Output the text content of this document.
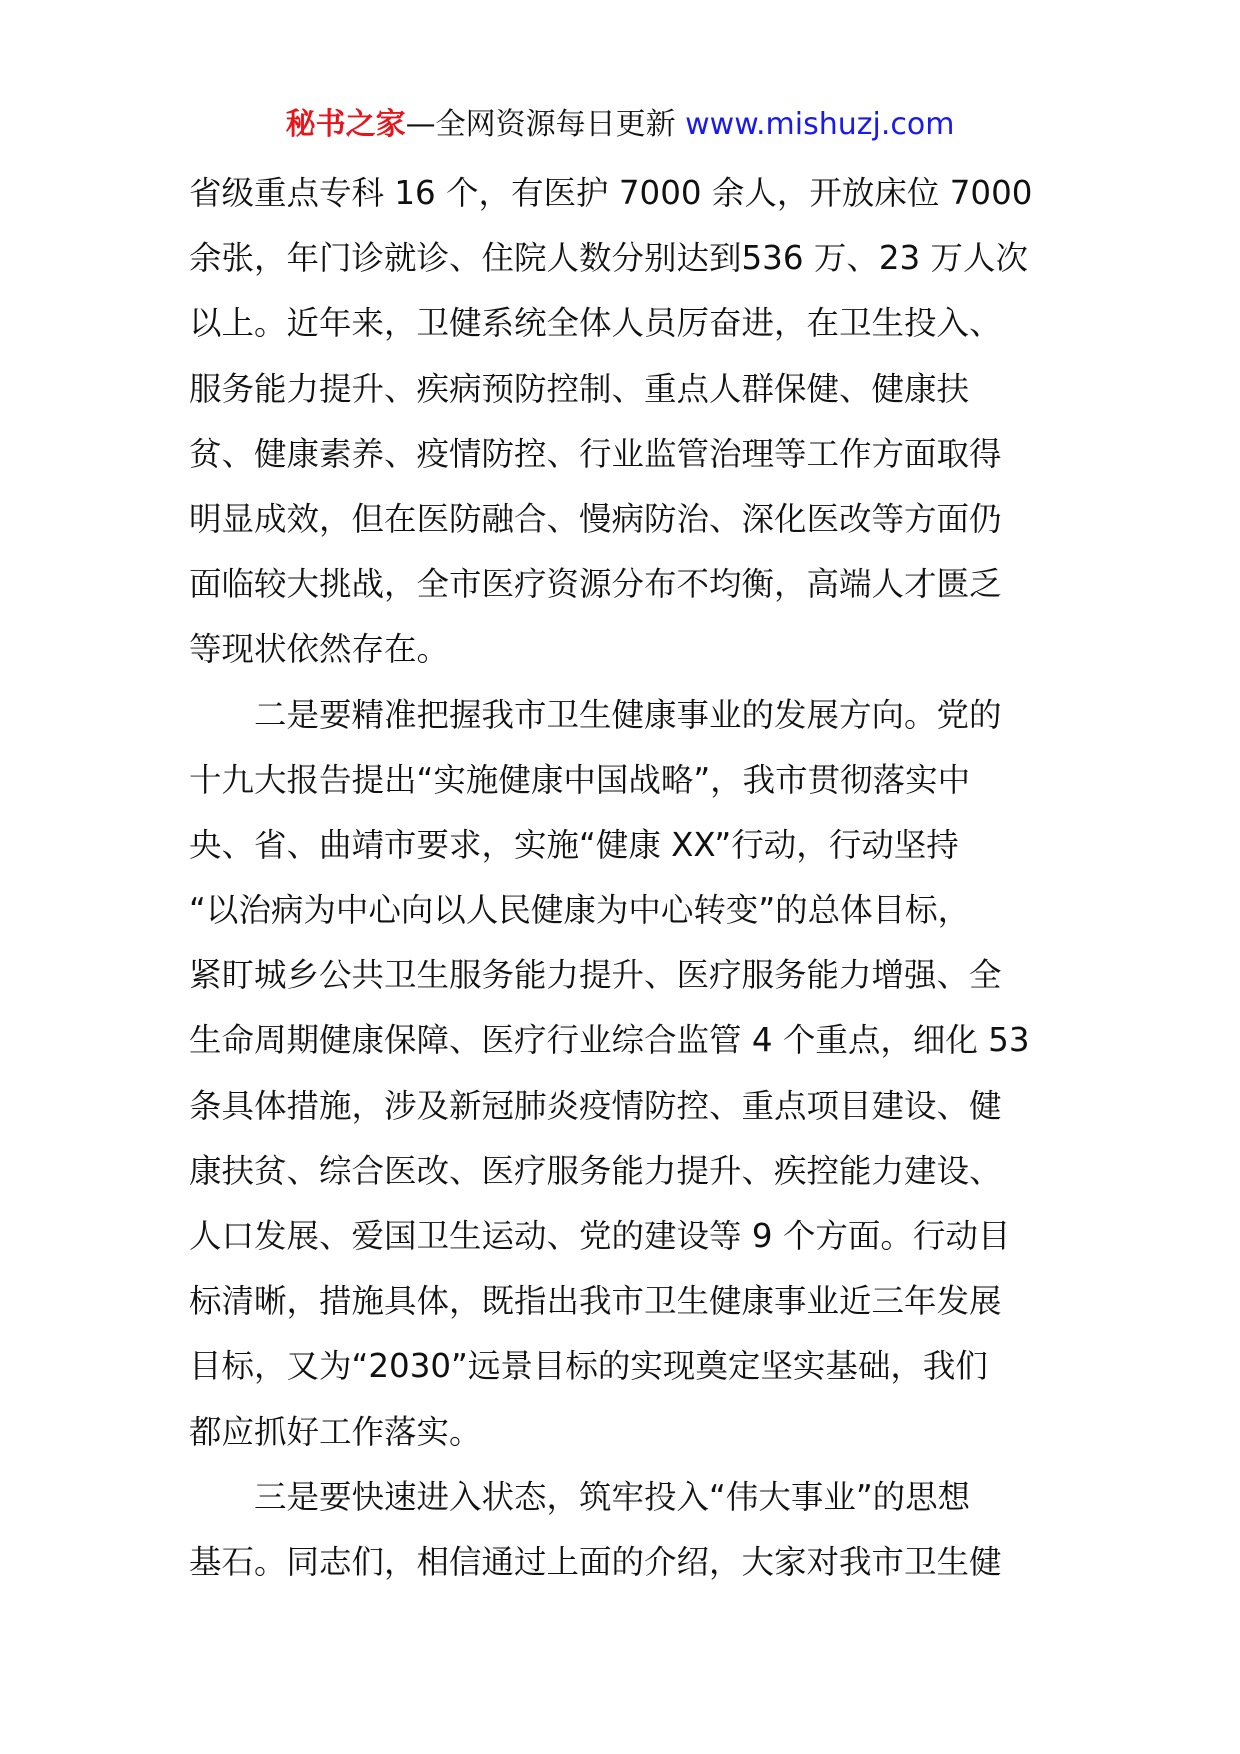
秘书之家—全网资源每日更新 www.mishuzj.com
省级重点专科 16 个，有医护 7000 余人，开放床位 7000
余张，年门诊就诊、住院人数分别达到536 万、23 万人次
以上。近年来，卫健系统全体人员厉奋进，在卫生投入、
服务能力提升、疾病预防控制、重点人群保健、健康扶
贫、健康素养、疫情防控、行业监管治理等工作方面取得
明显成效，但在医防融合、慢病防治、深化医改等方面仍
面临较大挑战，全市医疗资源分布不均衡，高端人才匮乏
等现状依然存在。
　　二是要精准把握我市卫生健康事业的发展方向。党的
十九大报告提出“实施健康中国战略”，我市贯彻落实中
央、省、曲靖市要求，实施“健康 XX”行动，行动坚持
“以治病为中心向以人民健康为中心转变”的总体目标，
紧盯城乡公共卫生服务能力提升、医疗服务能力增强、全
生命周期健康保障、医疗行业综合监管 4 个重点，细化 53
条具体措施，涉及新冠肺炎疫情防控、重点项目建设、健
康扶贫、综合医改、医疗服务能力提升、疾控能力建设、
人口发展、爱国卫生运动、党的建设等 9 个方面。行动目
标清晰，措施具体，既指出我市卫生健康事业近三年发展
目标，又为“2030”远景目标的实现奠定坚实基础，我们
都应抓好工作落实。
　　三是要快速进入状态，筑牢投入“伟大事业”的思想
基石。同志们，相信通过上面的介绍，大家对我市卫生健
